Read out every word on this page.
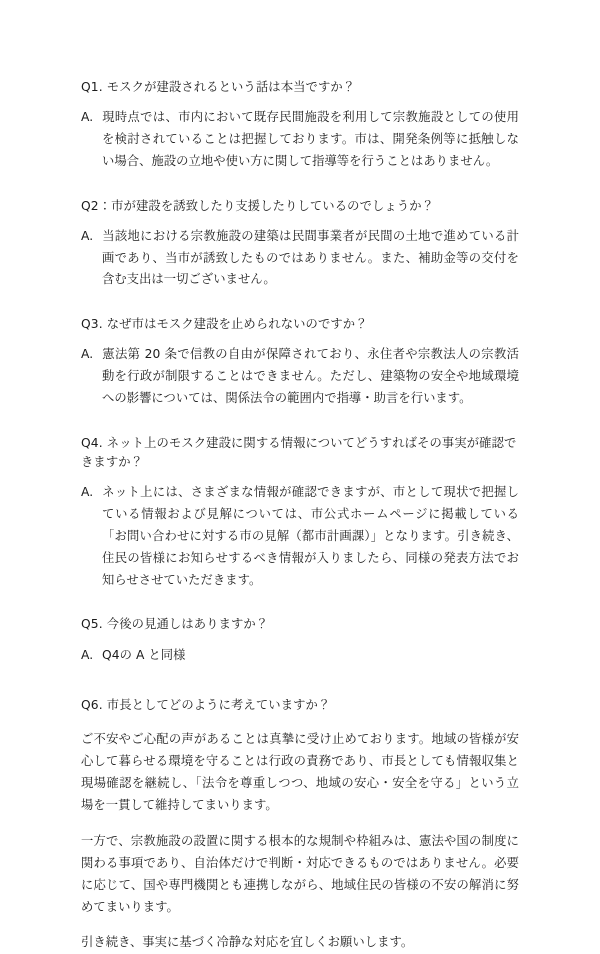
Q1. モスクが建設されるという話は本当ですか？

A. 現時点では、市内において既存民間施設を利用して宗教施設としての使用を検討されていることは把握しております。市は、開発条例等に抵触しない場合、施設の立地や使い方に関して指導等を行うことはありません。

Q2：市が建設を誘致したり支援したりしているのでしょうか？

A. 当該地における宗教施設の建築は民間事業者が民間の土地で進めている計画であり、当市が誘致したものではありません。また、補助金等の交付を含む支出は一切ございません。

Q3. なぜ市はモスク建設を止められないのですか？

A. 憲法第 20 条で信教の自由が保障されており、永住者や宗教法人の宗教活動を行政が制限することはできません。ただし、建築物の安全や地域環境への影響については、関係法令の範囲内で指導・助言を行います。

Q4. ネット上のモスク建設に関する情報についてどうすればその事実が確認できますか？

A. ネット上には、さまざまな情報が確認できますが、市として現状で把握している情報および見解については、市公式ホームページに掲載している「お問い合わせに対する市の見解（都市計画課）」となります。引き続き、住民の皆様にお知らせするべき情報が入りましたら、同様の発表方法でお知らせさせていただきます。

Q5. 今後の見通しはありますか？

A. Q4の A と同様

Q6. 市長としてどのように考えていますか？

ご不安やご心配の声があることは真摯に受け止めております。地域の皆様が安心して暮らせる環境を守ることは行政の責務であり、市長としても情報収集と現場確認を継続し、「法令を尊重しつつ、地域の安心・安全を守る」という立場を一貫して維持してまいります。

一方で、宗教施設の設置に関する根本的な規制や枠組みは、憲法や国の制度に関わる事項であり、自治体だけで判断・対応できるものではありません。必要に応じて、国や専門機関とも連携しながら、地域住民の皆様の不安の解消に努めてまいります。

引き続き、事実に基づく冷静な対応を宜しくお願いします。
